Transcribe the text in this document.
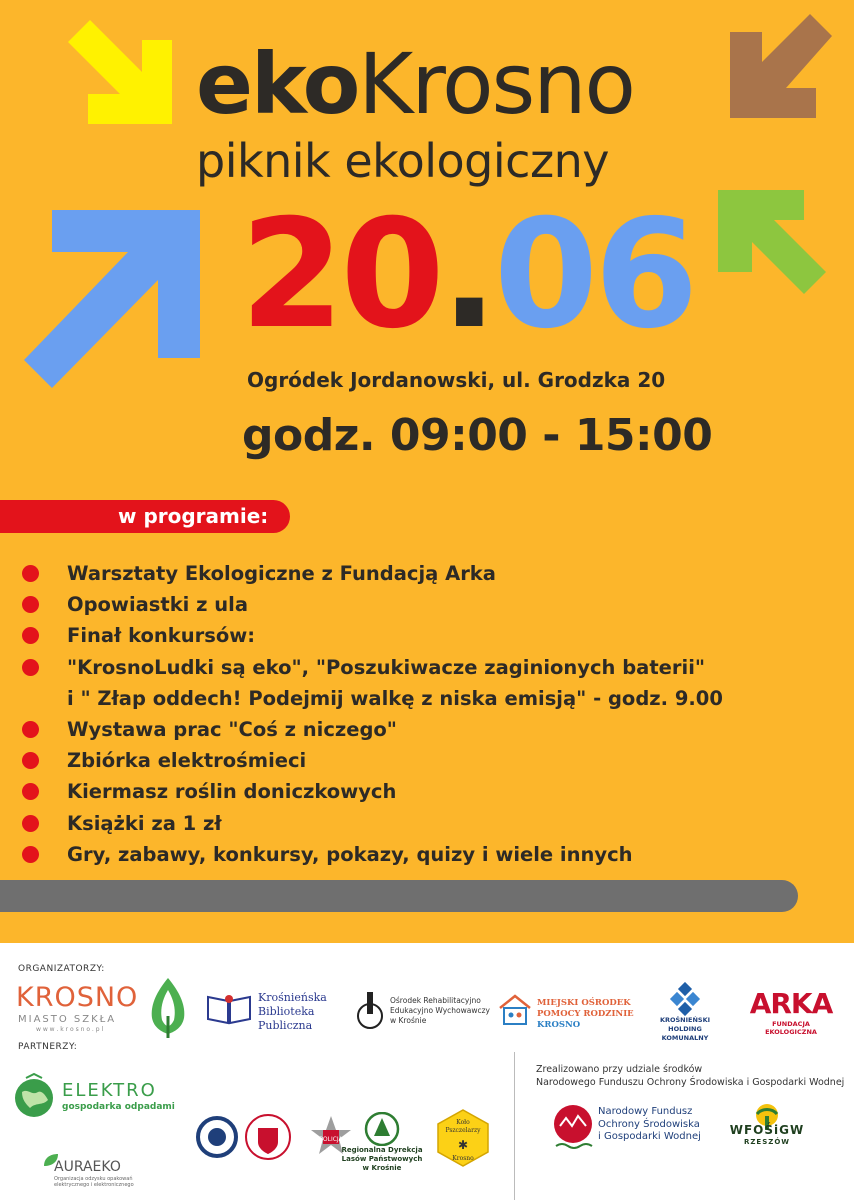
ekoKrosno
piknik ekologiczny
20.06
Ogródek Jordanowski, ul. Grodzka 20
godz. 09:00 - 15:00
w programie:
Warsztaty Ekologiczne z Fundacją Arka
Opowiastki z ula
Finał konkursów:
"KrosnoLudki są eko", "Poszukiwacze zaginionych baterii"
i " Złap oddech! Podejmij walkę z niska emisją" - godz. 9.00
Wystawa prac "Coś z niczego"
Zbiórka elektrośmieci
Kiermasz roślin doniczkowych
Książki za 1 zł
Gry, zabawy, konkursy, pokazy, quizy i wiele innych
ORGANIZATORZY:
KROSNO
MIASTO SZKŁA
w w w . k r o s n o . p l
Krośnieńska
Biblioteka
Publiczna
Ośrodek Rehabilitacyjno
Edukacyjno Wychowawczy
w Krośnie
MIEJSKI OŚRODEK
POMOCY RODZINIE
KROSNO	KROŚNIEŃSKI
HOLDING
KOMUNALNY
ARKA
FUNDACJA EKOLOGICZNA
PARTNERZY:
ELEKTRO
gospodarka odpadami
AURAEKO
Organizacja odzysku opakowań
elektrycznego i elektronicznego
POLICJA
Regionalna Dyrekcja
Lasów Państwowych
w Krośnie
Koło Pszczelarzy
✱
Krosno
Zrealizowano przy udziale środków
Narodowego Funduszu Ochrony Środowiska i Gospodarki Wodnej
Narodowy Fundusz
Ochrony Środowiska
i Gospodarki Wodnej	WFOŚiGW
RZESZÓW
